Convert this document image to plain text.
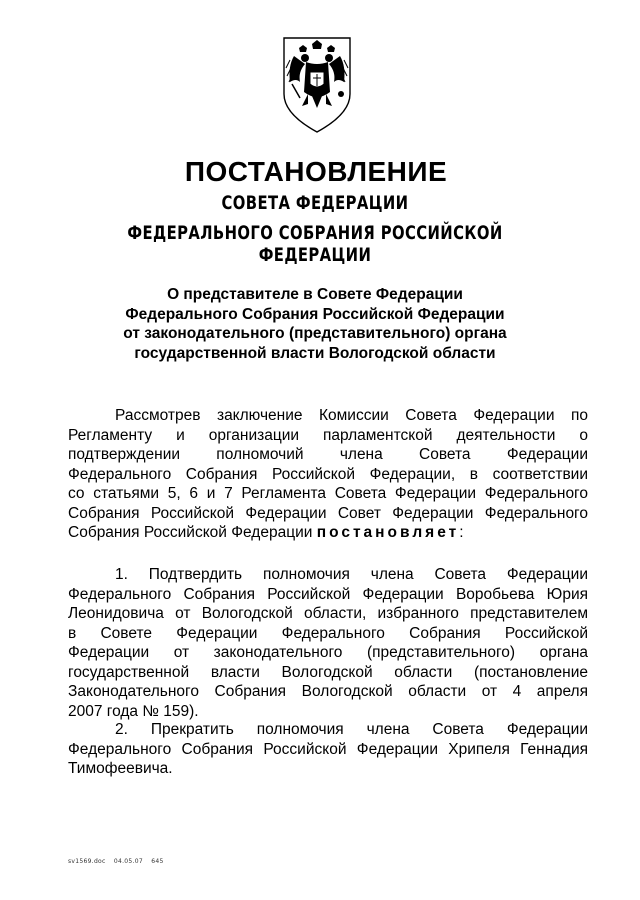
ПОСТАНОВЛЕНИЕ
СОВЕТА ФЕДЕРАЦИИ
ФЕДЕРАЛЬНОГО СОБРАНИЯ РОССИЙСКОЙ ФЕДЕРАЦИИ
О представителе в Совете Федерации
Федерального Собрания Российской Федерации
от законодательного (представительного) органа
государственной власти Вологодской области
Рассмотрев заключение Комиссии Совета Федерации по
Регламенту и организации парламентской деятельности о
подтверждении полномочий члена Совета Федерации
Федерального Собрания Российской Федерации, в соответствии
со статьями 5, 6 и 7 Регламента Совета Федерации Федерального
Собрания Российской Федерации Совет Федерации Федерального
Собрания Российской Федерации постановляет:
1. Подтвердить полномочия члена Совета Федерации
Федерального Собрания Российской Федерации Воробьева Юрия
Леонидовича от Вологодской области, избранного представителем
в Совете Федерации Федерального Собрания Российской
Федерации от законодательного (представительного) органа
государственной власти Вологодской области (постановление
Законодательного Собрания Вологодской области от 4 апреля
2007 года № 159).
2. Прекратить полномочия члена Совета Федерации
Федерального Собрания Российской Федерации Хрипеля Геннадия
Тимофеевича.
sv1569.doc 04.05.07 645
